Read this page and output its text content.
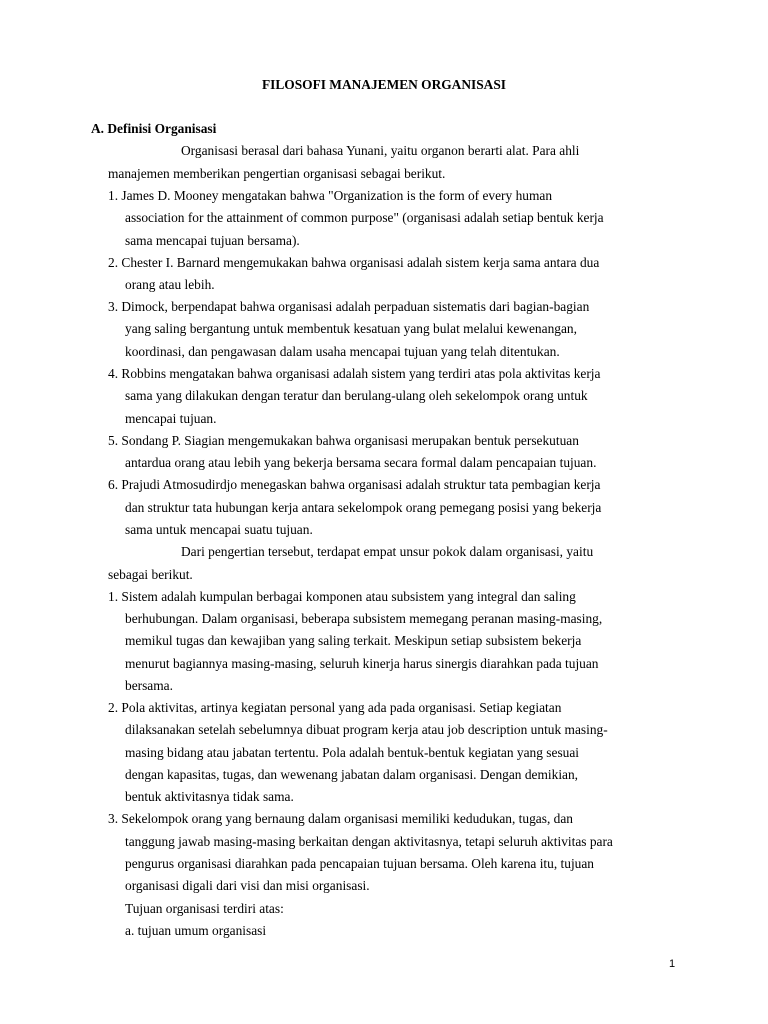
FILOSOFI MANAJEMEN ORGANISASI
A. Definisi Organisasi
Organisasi berasal dari bahasa Yunani, yaitu organon berarti alat. Para ahli
manajemen memberikan pengertian organisasi sebagai berikut.
1. James D. Mooney mengatakan bahwa "Organization is the form of every human
association for the attainment of common purpose" (organisasi adalah setiap bentuk kerja
sama mencapai tujuan bersama).
2. Chester I. Barnard mengemukakan bahwa organisasi adalah sistem kerja sama antara dua
orang atau lebih.
3. Dimock, berpendapat bahwa organisasi adalah perpaduan sistematis dari bagian-bagian
yang saling bergantung untuk membentuk kesatuan yang bulat melalui kewenangan,
koordinasi, dan pengawasan dalam usaha mencapai tujuan yang telah ditentukan.
4. Robbins mengatakan bahwa organisasi adalah sistem yang terdiri atas pola aktivitas kerja
sama yang dilakukan dengan teratur dan berulang-ulang oleh sekelompok orang untuk
mencapai tujuan.
5. Sondang P. Siagian mengemukakan bahwa organisasi merupakan bentuk persekutuan
antardua orang atau lebih yang bekerja bersama secara formal dalam pencapaian tujuan.
6. Prajudi Atmosudirdjo menegaskan bahwa organisasi adalah struktur tata pembagian kerja
dan struktur tata hubungan kerja antara sekelompok orang pemegang posisi yang bekerja
sama untuk mencapai suatu tujuan.
Dari pengertian tersebut, terdapat empat unsur pokok dalam organisasi, yaitu
sebagai berikut.
1. Sistem adalah kumpulan berbagai komponen atau subsistem yang integral dan saling
berhubungan. Dalam organisasi, beberapa subsistem memegang peranan masing-masing,
memikul tugas dan kewajiban yang saling terkait. Meskipun setiap subsistem bekerja
menurut bagiannya masing-masing, seluruh kinerja harus sinergis diarahkan pada tujuan
bersama.
2. Pola aktivitas, artinya kegiatan personal yang ada pada organisasi. Setiap kegiatan
dilaksanakan setelah sebelumnya dibuat program kerja atau job description untuk masing-
masing bidang atau jabatan tertentu. Pola adalah bentuk-bentuk kegiatan yang sesuai
dengan kapasitas, tugas, dan wewenang jabatan dalam organisasi. Dengan demikian,
bentuk aktivitasnya tidak sama.
3. Sekelompok orang yang bernaung dalam organisasi memiliki kedudukan, tugas, dan
tanggung jawab masing-masing berkaitan dengan aktivitasnya, tetapi seluruh aktivitas para
pengurus organisasi diarahkan pada pencapaian tujuan bersama. Oleh karena itu, tujuan
organisasi digali dari visi dan misi organisasi.
Tujuan organisasi terdiri atas:
a. tujuan umum organisasi
1
